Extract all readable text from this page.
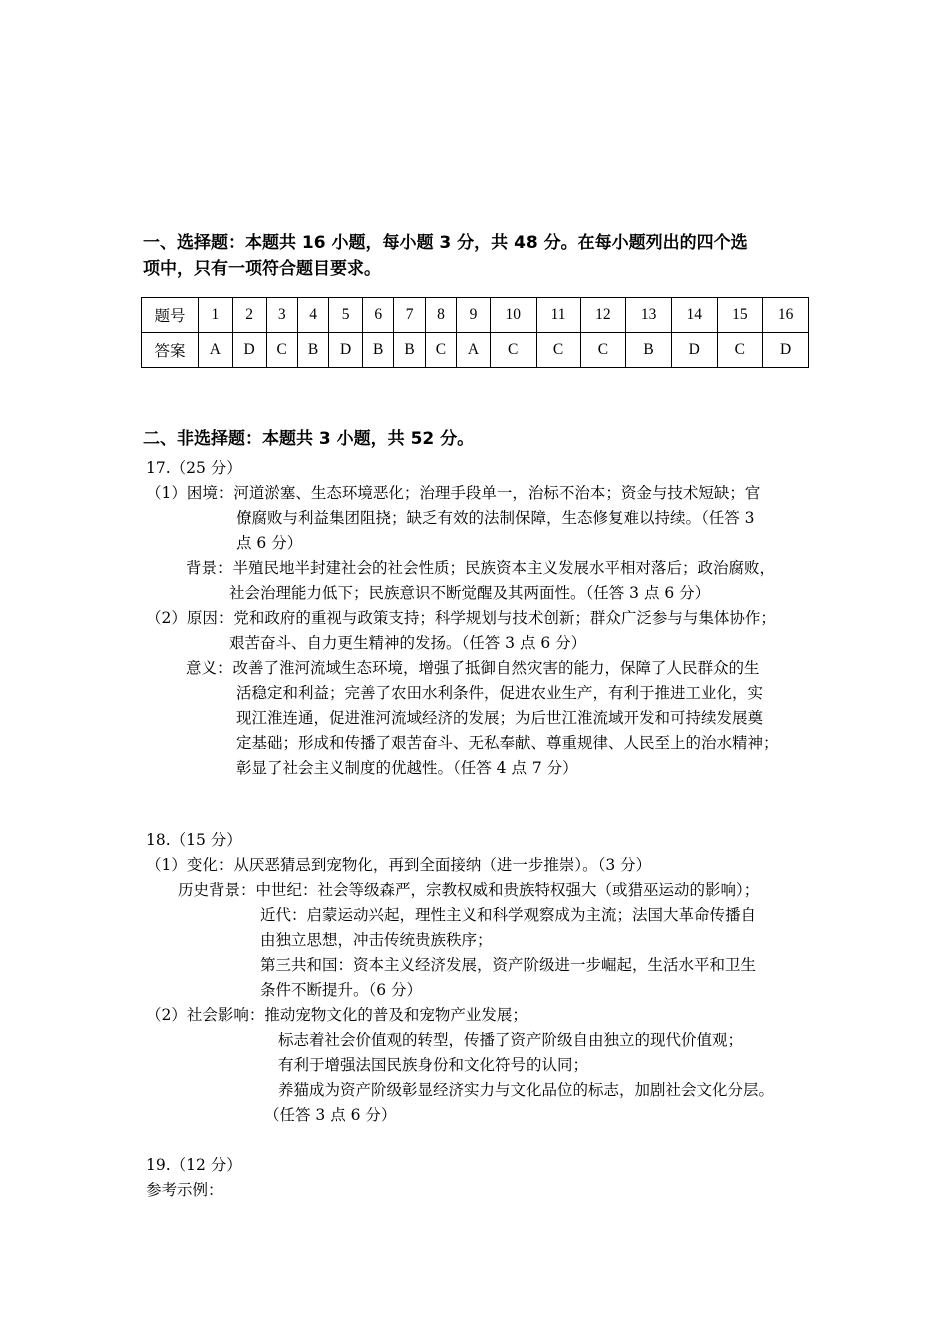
一、选择题：本题共 16 小题，每小题 3 分，共 48 分。在每小题列出的四个选
项中，只有一项符合题目要求。
题号	1	2	3	4	5	6	7	8	9	10	11	12	13	14	15	16
答案	A	D	C	B	D	B	B	C	A	C	C	C	B	D	C	D
二、非选择题：本题共 3 小题，共 52 分。
17.（25 分）
（1）困境：河道淤塞、生态环境恶化；治理手段单一，治标不治本；资金与技术短缺；官
僚腐败与利益集团阻挠；缺乏有效的法制保障，生态修复难以持续。（任答 3
点 6 分）
背景：半殖民地半封建社会的社会性质；民族资本主义发展水平相对落后；政治腐败，
社会治理能力低下；民族意识不断觉醒及其两面性。（任答 3 点 6 分）
（2）原因：党和政府的重视与政策支持；科学规划与技术创新；群众广泛参与与集体协作；
艰苦奋斗、自力更生精神的发扬。（任答 3 点 6 分）
意义：改善了淮河流域生态环境，增强了抵御自然灾害的能力，保障了人民群众的生
活稳定和利益；完善了农田水利条件，促进农业生产，有利于推进工业化，实
现江淮连通，促进淮河流域经济的发展；为后世江淮流域开发和可持续发展奠
定基础；形成和传播了艰苦奋斗、无私奉献、尊重规律、人民至上的治水精神；
彰显了社会主义制度的优越性。（任答 4 点 7 分）
18.（15 分）
（1）变化：从厌恶猜忌到宠物化，再到全面接纳（进一步推崇）。（3 分）
历史背景：中世纪：社会等级森严，宗教权威和贵族特权强大（或猎巫运动的影响）；
近代：启蒙运动兴起，理性主义和科学观察成为主流；法国大革命传播自
由独立思想，冲击传统贵族秩序；
第三共和国：资本主义经济发展，资产阶级进一步崛起，生活水平和卫生
条件不断提升。（6 分）
（2）社会影响：推动宠物文化的普及和宠物产业发展；
标志着社会价值观的转型，传播了资产阶级自由独立的现代价值观；
有利于增强法国民族身份和文化符号的认同；
养猫成为资产阶级彰显经济实力与文化品位的标志，加剧社会文化分层。
（任答 3 点 6 分）
19.（12 分）
参考示例：
